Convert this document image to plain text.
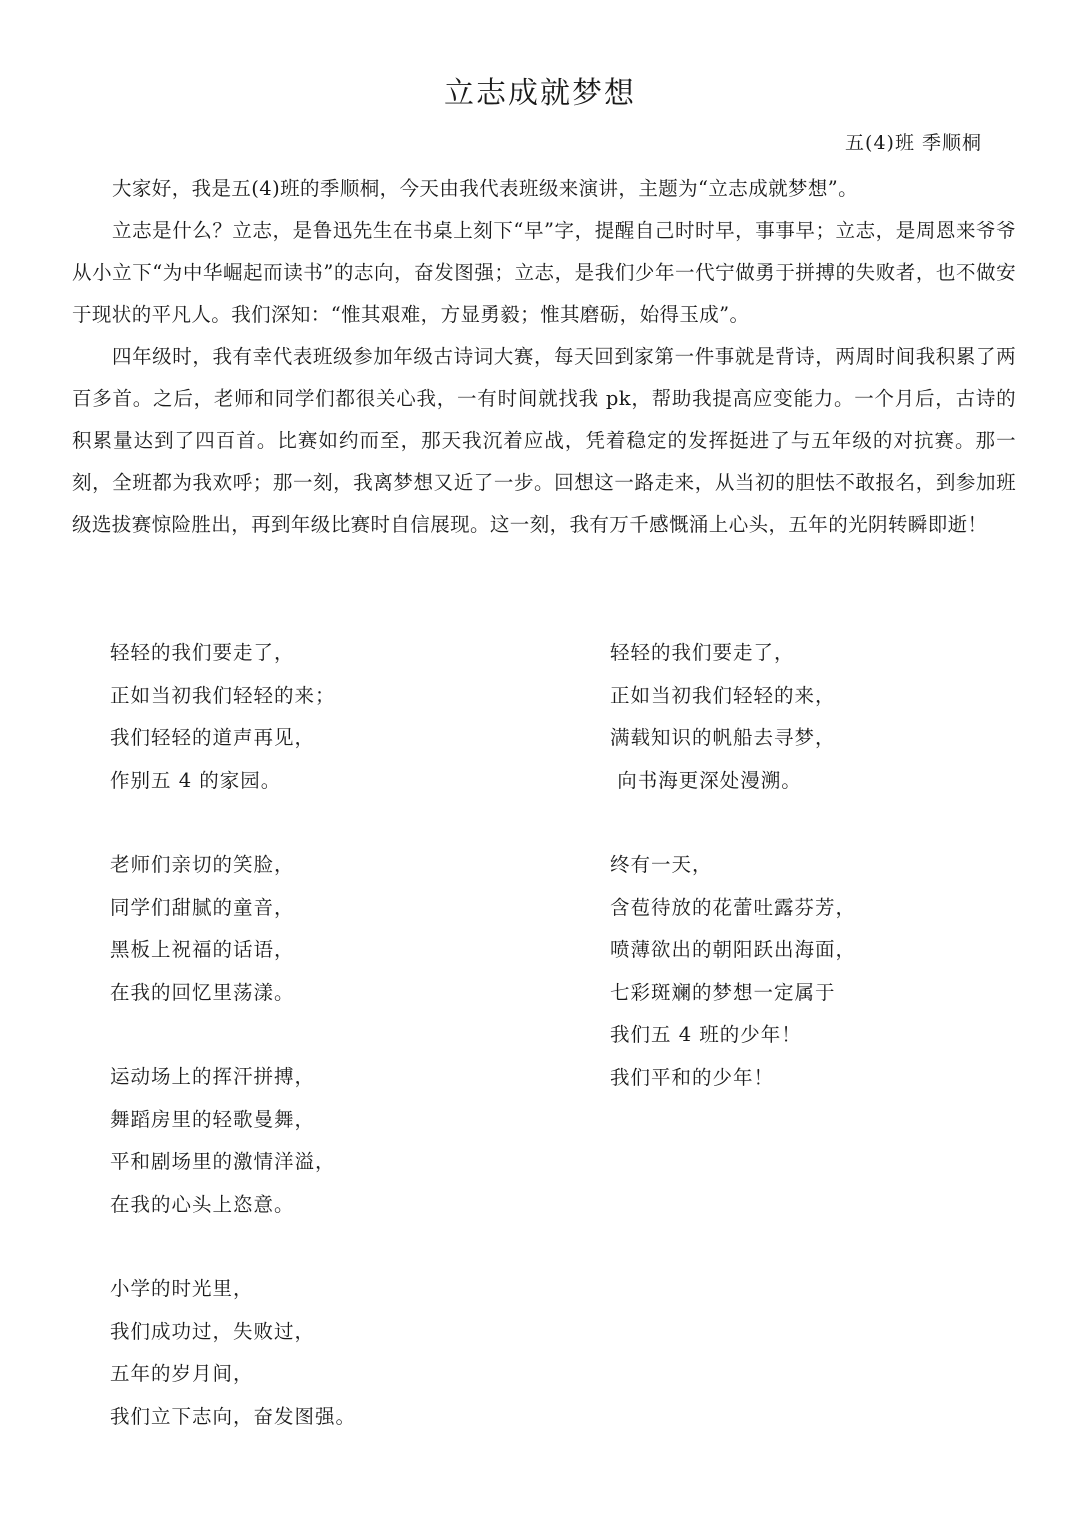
立志成就梦想
五(4)班 季顺桐

大家好，我是五(4)班的季顺桐，今天由我代表班级来演讲，主题为“立志成就梦想”。

立志是什么？立志，是鲁迅先生在书桌上刻下“早”字，提醒自己时时早，事事早；立志，是周恩来爷爷从小立下“为中华崛起而读书”的志向，奋发图强；立志，是我们少年一代宁做勇于拼搏的失败者，也不做安于现状的平凡人。我们深知：“惟其艰难，方显勇毅；惟其磨砺，始得玉成”。

四年级时，我有幸代表班级参加年级古诗词大赛，每天回到家第一件事就是背诗，两周时间我积累了两百多首。之后，老师和同学们都很关心我，一有时间就找我 pk，帮助我提高应变能力。一个月后，古诗的积累量达到了四百首。比赛如约而至，那天我沉着应战，凭着稳定的发挥挺进了与五年级的对抗赛。那一刻，全班都为我欢呼；那一刻，我离梦想又近了一步。回想这一路走来，从当初的胆怯不敢报名，到参加班级选拔赛惊险胜出，再到年级比赛时自信展现。这一刻，我有万千感慨涌上心头，五年的光阴转瞬即逝！

轻轻的我们要走了，
正如当初我们轻轻的来；
我们轻轻的道声再见，
作别五 4 的家园。
老师们亲切的笑脸，
同学们甜腻的童音，
黑板上祝福的话语，
在我的回忆里荡漾。
运动场上的挥汗拼搏，
舞蹈房里的轻歌曼舞，
平和剧场里的激情洋溢，
在我的心头上恣意。
小学的时光里，
我们成功过，失败过，
五年的岁月间，
我们立下志向，奋发图强。
轻轻的我们要走了，
正如当初我们轻轻的来，
满载知识的帆船去寻梦，
向书海更深处漫溯。
终有一天，
含苞待放的花蕾吐露芬芳，
喷薄欲出的朝阳跃出海面，
七彩斑斓的梦想一定属于
我们五 4 班的少年！
我们平和的少年！
